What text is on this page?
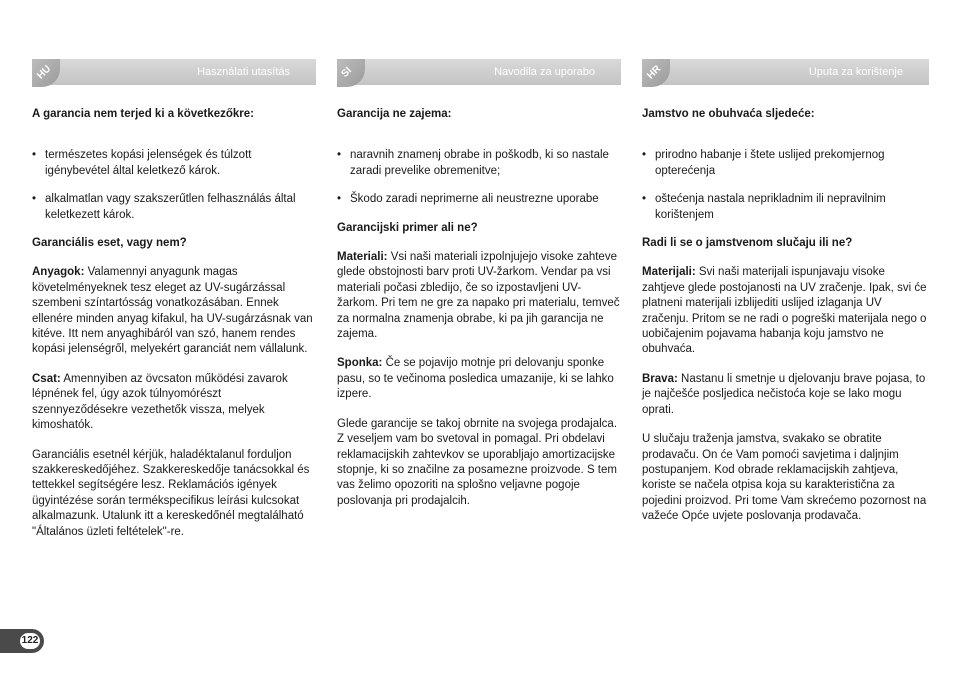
HU	Használati utasítás

A garancia nem terjed ki a következőkre:

• természetes kopási jelenségek és túlzott igénybevétel által keletkező károk.
• alkalmatlan vagy szakszerűtlen felhasználás által keletkezett károk.

Garanciális eset, vagy nem?

Anyagok: Valamennyi anyagunk magas követelményeknek tesz eleget az UV-sugárzással szembeni színtartósság vonatkozásában. Ennek ellenére minden anyag kifakul, ha UV-sugárzásnak van kitéve. Itt nem anyaghibáról van szó, hanem rendes kopási jelenségről, melyekért garanciát nem vállalunk.

Csat: Amennyiben az övcsaton működési zavarok lépnének fel, úgy azok túlnyomórészt szennyeződésekre vezethetők vissza, melyek kimoshatók.

Garanciális esetnél kérjük, haladéktalanul forduljon szakkereskedőjéhez. Szakkereskedője tanácsokkal és tettekkel segítségére lesz. Reklamációs igények ügyintézése során termékspecifikus leírási kulcsokat alkalmazunk. Utalunk itt a kereskedőnél megtalálható "Általános üzleti feltételek"-re.

SI	Navodila za uporabo

Garancija ne zajema:

• naravnih znamenj obrabe in poškodb, ki so nastale zaradi prevelike obremenitve;
• Škodo zaradi neprimerne ali neustrezne uporabe

Garancijski primer ali ne?

Materiali: Vsi naši materiali izpolnjujejo visoke zahteve glede obstojnosti barv proti UV-žarkom. Vendar pa vsi materiali počasi zbledijo, če so izpostavljeni UV-žarkom. Pri tem ne gre za napako pri materialu, temveč za normalna znamenja obrabe, ki pa jih garancija ne zajema.

Sponka: Če se pojavijo motnje pri delovanju sponke pasu, so te večinoma posledica umazanije, ki se lahko izpere.

Glede garancije se takoj obrnite na svojega prodajalca. Z veseljem vam bo svetoval in pomagal. Pri obdelavi reklamacijskih zahtevkov se uporabljajo amortizacijske stopnje, ki so značilne za posamezne proizvode. S tem vas želimo opozoriti na splošno veljavne pogoje poslovanja pri prodajalcih.

HR	Uputa za korištenje

Jamstvo ne obuhvaća sljedeće:

• prirodno habanje i štete uslijed prekomjernog opterećenja
• oštećenja nastala neprikladnim ili nepravilnim korištenjem

Radi li se o jamstvenom slučaju ili ne?

Materijali: Svi naši materijali ispunjavaju visoke zahtjeve glede postojanosti na UV zračenje. Ipak, svi će platneni materijali izblijediti uslijed izlaganja UV zračenju. Pritom se ne radi o pogreški materijala nego o uobičajenim pojavama habanja koju jamstvo ne obuhvaća.

Brava: Nastanu li smetnje u djelovanju brave pojasa, to je najčešće posljedica nečistoća koje se lako mogu oprati.

U slučaju traženja jamstva, svakako se obratite prodavaču. On će Vam pomoći savjetima i daljnjim postupanjem. Kod obrade reklamacijskih zahtjeva, koriste se načela otpisa koja su karakteristična za pojedini proizvod. Pri tome Vam skrećemo pozornost na važeće Opće uvjete poslovanja prodavača.

122
